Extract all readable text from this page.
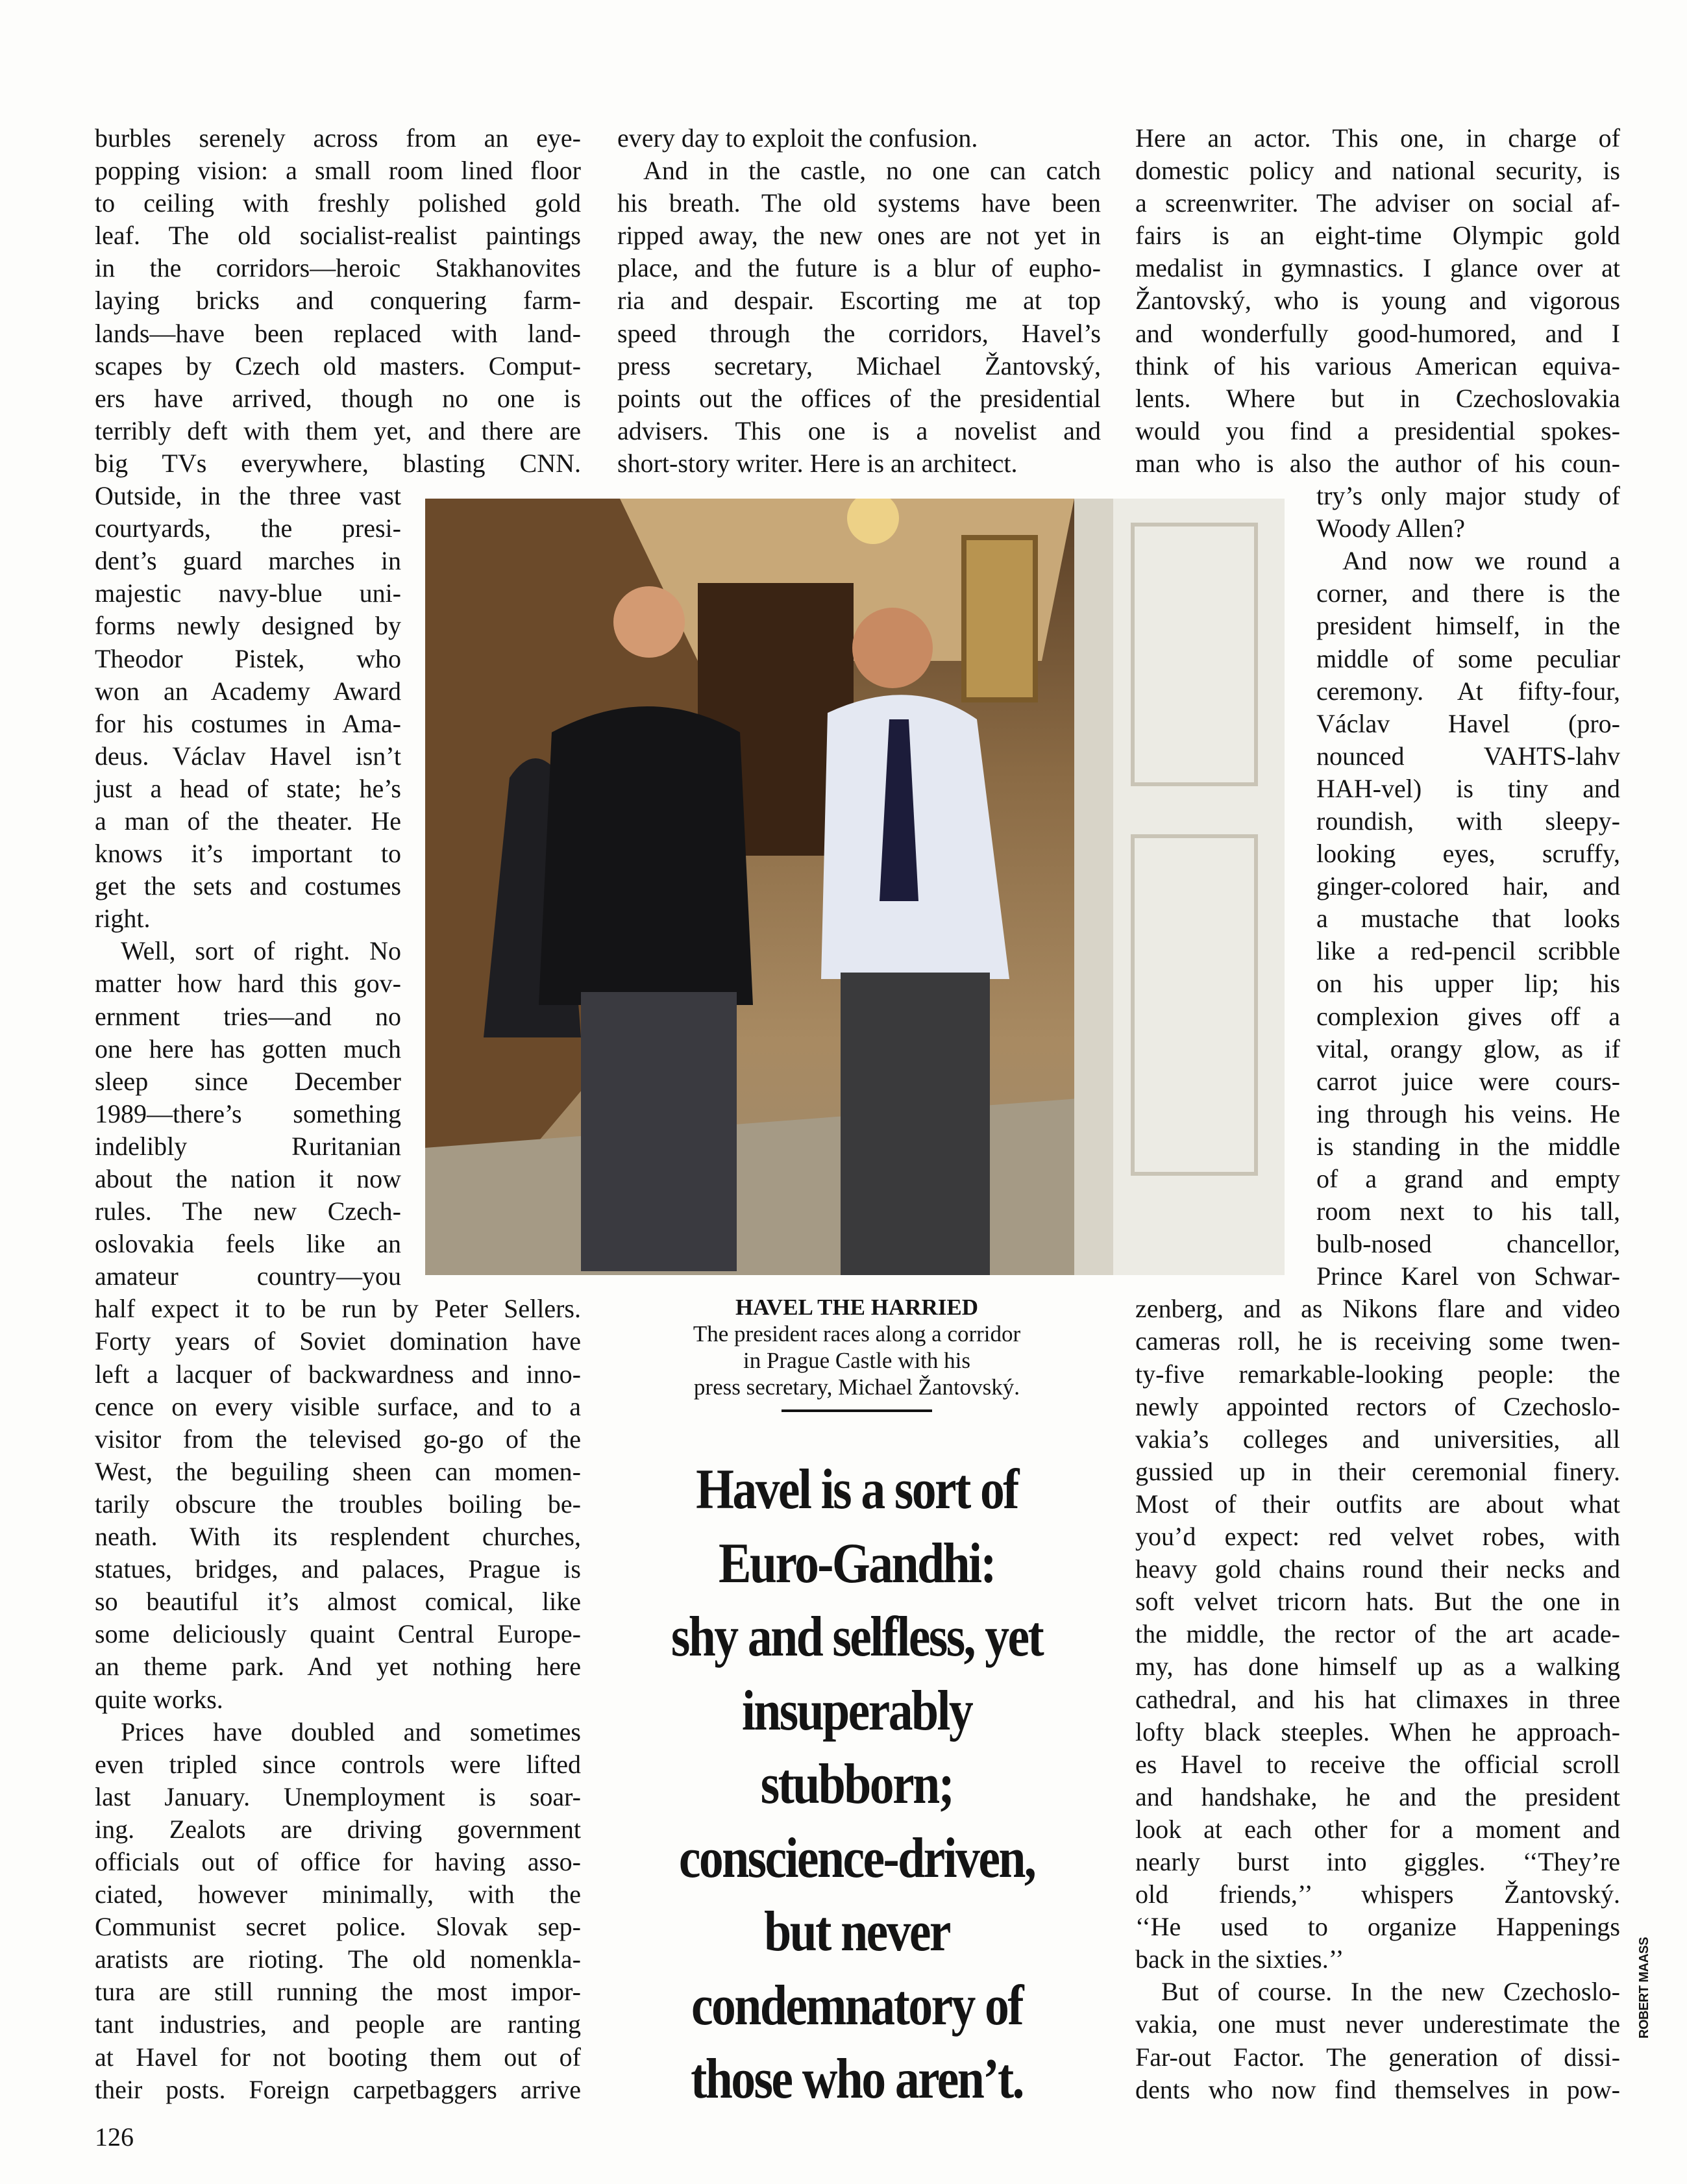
burbles serenely across from an eye-
popping vision: a small room lined floor
to ceiling with freshly polished gold
leaf. The old socialist-realist paintings
in the corridors—heroic Stakhanovites
laying bricks and conquering farm-
lands—have been replaced with land-
scapes by Czech old masters. Comput-
ers have arrived, though no one is
terribly deft with them yet, and there are
big TVs everywhere, blasting CNN.
Outside, in the three vast
courtyards, the presi-
dent’s guard marches in
majestic navy-blue uni-
forms newly designed by
Theodor Pistek, who
won an Academy Award
for his costumes in Ama-
deus. Václav Havel isn’t
just a head of state; he’s
a man of the theater. He
knows it’s important to
get the sets and costumes
right.
Well, sort of right. No
matter how hard this gov-
ernment tries—and no
one here has gotten much
sleep since December
1989—there’s something
indelibly Ruritanian
about the nation it now
rules. The new Czech-
oslovakia feels like an
amateur country—you
half expect it to be run by Peter Sellers.
Forty years of Soviet domination have
left a lacquer of backwardness and inno-
cence on every visible surface, and to a
visitor from the televised go-go of the
West, the beguiling sheen can momen-
tarily obscure the troubles boiling be-
neath. With its resplendent churches,
statues, bridges, and palaces, Prague is
so beautiful it’s almost comical, like
some deliciously quaint Central Europe-
an theme park. And yet nothing here
quite works.
Prices have doubled and sometimes
even tripled since controls were lifted
last January. Unemployment is soar-
ing. Zealots are driving government
officials out of office for having asso-
ciated, however minimally, with the
Communist secret police. Slovak sep-
aratists are rioting. The old nomenkla-
tura are still running the most impor-
tant industries, and people are ranting
at Havel for not booting them out of
their posts. Foreign carpetbaggers arrive
every day to exploit the confusion.
And in the castle, no one can catch
his breath. The old systems have been
ripped away, the new ones are not yet in
place, and the future is a blur of eupho-
ria and despair. Escorting me at top
speed through the corridors, Havel’s
press secretary, Michael Žantovský,
points out the offices of the presidential
advisers. This one is a novelist and
short-story writer. Here is an architect.
Here an actor. This one, in charge of
domestic policy and national security, is
a screenwriter. The adviser on social af-
fairs is an eight-time Olympic gold
medalist in gymnastics. I glance over at
Žantovský, who is young and vigorous
and wonderfully good-humored, and I
think of his various American equiva-
lents. Where but in Czechoslovakia
would you find a presidential spokes-
man who is also the author of his coun-
try’s only major study of
Woody Allen?
And now we round a
corner, and there is the
president himself, in the
middle of some peculiar
ceremony. At fifty-four,
Václav Havel (pro-
nounced VAHTS-lahv
HAH-vel) is tiny and
roundish, with sleepy-
looking eyes, scruffy,
ginger-colored hair, and
a mustache that looks
like a red-pencil scribble
on his upper lip; his
complexion gives off a
vital, orangy glow, as if
carrot juice were cours-
ing through his veins. He
is standing in the middle
of a grand and empty
room next to his tall,
bulb-nosed chancellor,
Prince Karel von Schwar-
zenberg, and as Nikons flare and video
cameras roll, he is receiving some twen-
ty-five remarkable-looking people: the
newly appointed rectors of Czechoslo-
vakia’s colleges and universities, all
gussied up in their ceremonial finery.
Most of their outfits are about what
you’d expect: red velvet robes, with
heavy gold chains round their necks and
soft velvet tricorn hats. But the one in
the middle, the rector of the art acade-
my, has done himself up as a walking
cathedral, and his hat climaxes in three
lofty black steeples. When he approach-
es Havel to receive the official scroll
and handshake, he and the president
look at each other for a moment and
nearly burst into giggles. ‘‘They’re
old friends,’’ whispers Žantovský.
‘‘He used to organize Happenings
back in the sixties.’’
But of course. In the new Czechoslo-
vakia, one must never underestimate the
Far-out Factor. The generation of dissi-
dents who now find themselves in pow-
HAVEL THE HARRIED
The president races along a corridor
in Prague Castle with his
press secretary, Michael Žantovský.
Havel is a sort of
Euro-Gandhi:
shy and selfless, yet
insuperably
stubborn;
conscience-driven,
but never
condemnatory of
those who aren’t.
126
ROBERT MAASS
